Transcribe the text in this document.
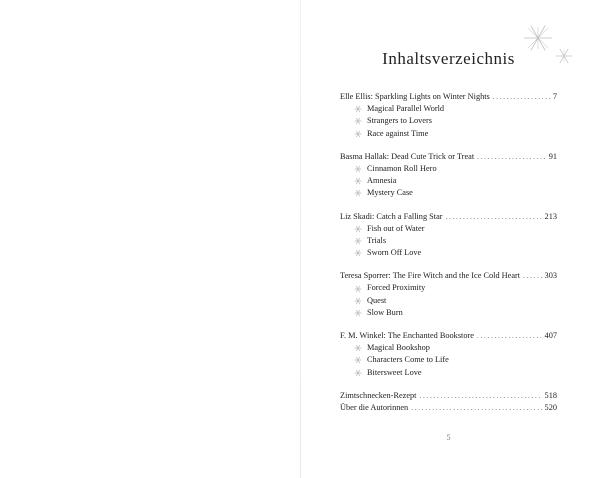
Inhaltsverzeichnis
Elle Ellis: Sparkling Lights on Winter Nights . . .	7
Magical Parallel World
Strangers to Lovers
Race against Time
Basma Hallak: Dead Cute Trick or Treat . . .	91
Cinnamon Roll Hero
Amnesia
Mystery Case
Liz Skadi: Catch a Falling Star . . .	213
Fish out of Water
Trials
Sworn Off Love
Teresa Sporrer: The Fire Witch and the Ice Cold Heart . . .	303
Forced Proximity
Quest
Slow Burn
F. M. Winkel: The Enchanted Bookstore . . .	407
Magical Bookshop
Characters Come to Life
Bitersweet Love
Zimtschnecken-Rezept . . .	518
Über die Autorinnen . . .	520
5
